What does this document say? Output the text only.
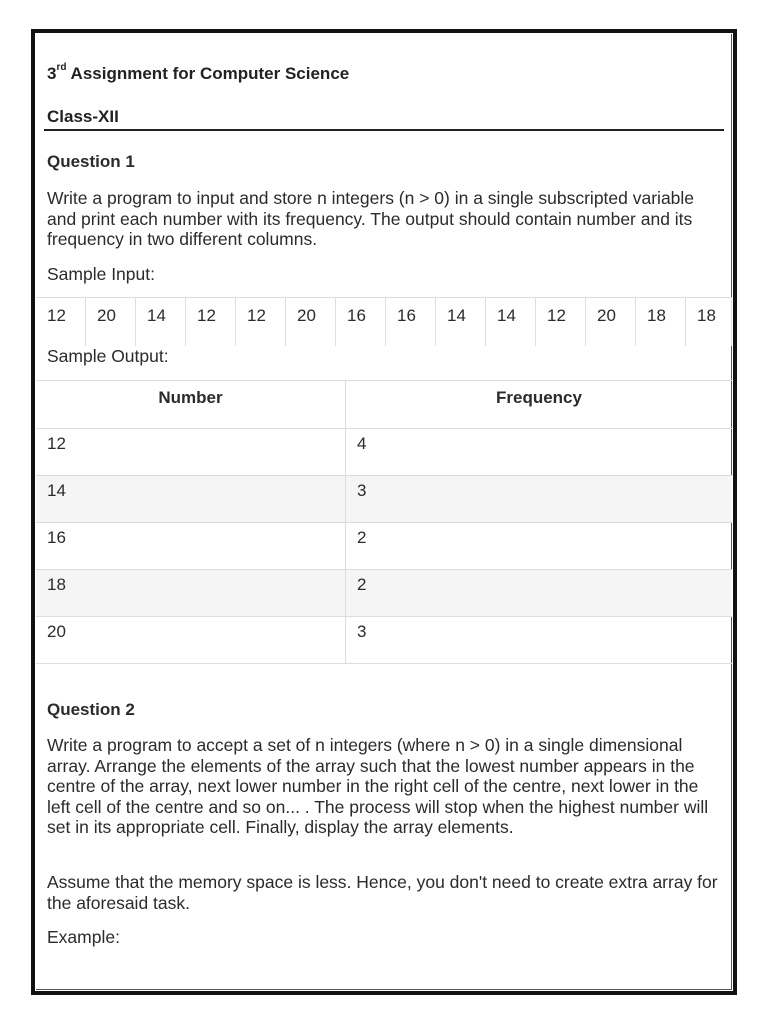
3rd Assignment for Computer Science
Class-XII
Question 1
Write a program to input and store n integers (n > 0) in a single subscripted variable and print each number with its frequency. The output should contain number and its frequency in two different columns.
Sample Input:
12	20	14	12	12	20	16	16	14	14	12	20	18	18
Sample Output:
Number	Frequency
12	4
14	3
16	2
18	2
20	3
Question 2
Write a program to accept a set of n integers (where n > 0) in a single dimensional array. Arrange the elements of the array such that the lowest number appears in the centre of the array, next lower number in the right cell of the centre, next lower in the left cell of the centre and so on... . The process will stop when the highest number will set in its appropriate cell. Finally, display the array elements.
Assume that the memory space is less. Hence, you don't need to create extra array for the aforesaid task.
Example:
